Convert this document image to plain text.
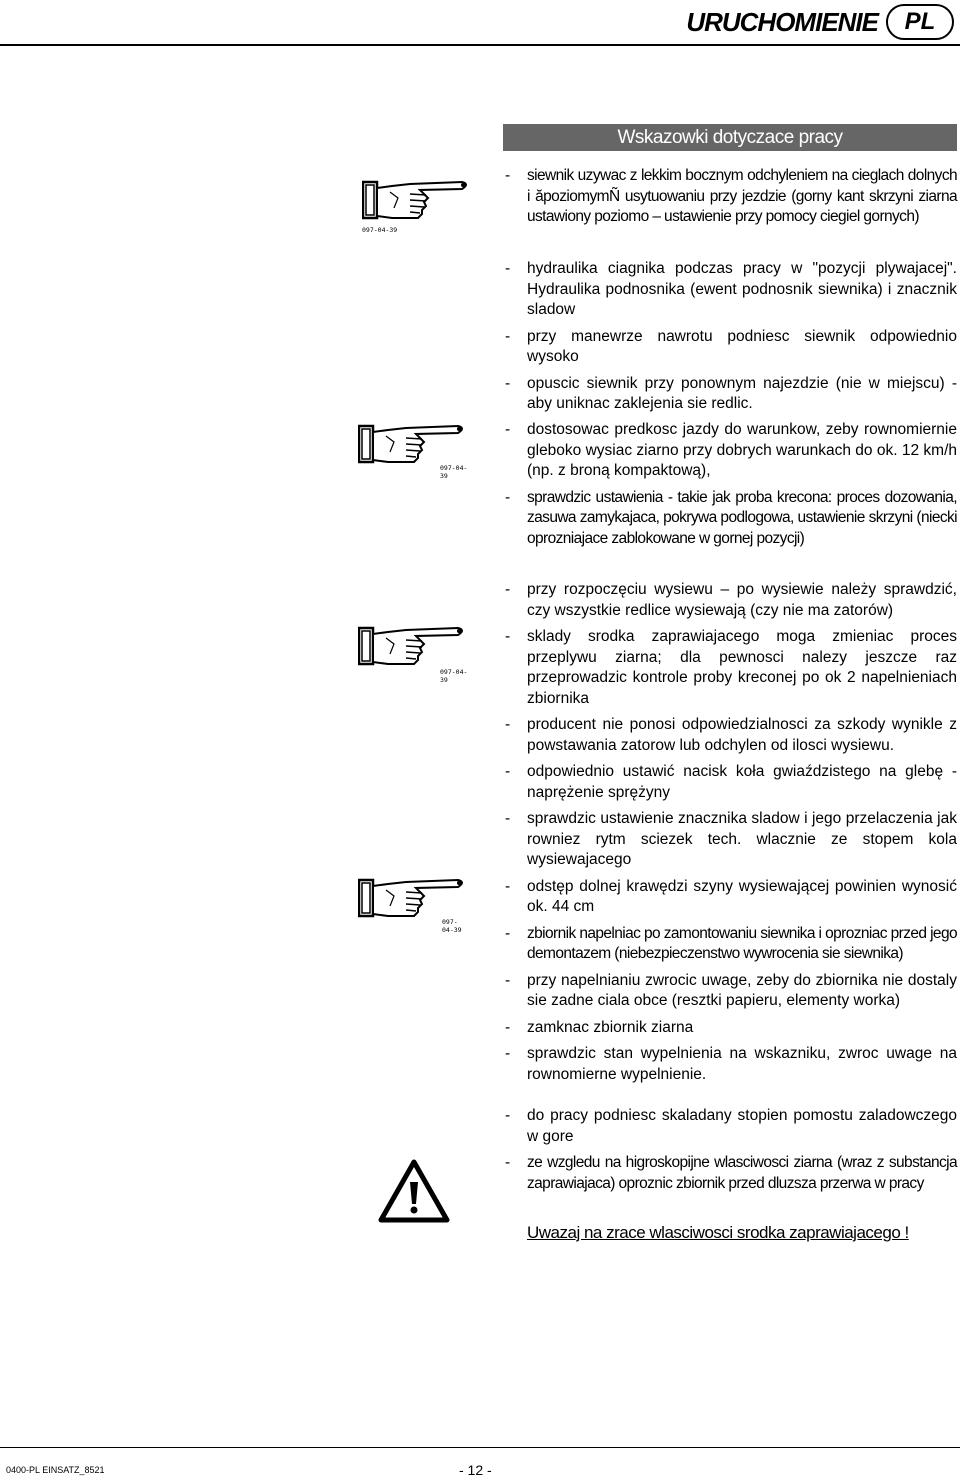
URUCHOMIENIE	PL
Wskazowki dotyczace pracy
097-04-39
097-04-39
097-04-39
097-04-39
- siewnik uzywac z lekkim bocznym odchyleniem na cieglach dolnych i ăpoziomymÑ usytuowaniu przy jezdzie (gorny kant skrzyni ziarna ustawiony poziomo – ustawienie przy pomocy ciegiel gornych)
- hydraulika ciagnika podczas pracy w "pozycji plywajacej". Hydraulika podnosnika (ewent podnosnik siewnika) i znacznik sladow
- przy manewrze nawrotu podniesc siewnik odpowiednio wysoko
- opuscic siewnik przy ponownym najezdzie (nie w miejscu) - aby uniknac zaklejenia sie redlic.
- dostosowac predkosc jazdy do warunkow, zeby rownomiernie gleboko wysiac ziarno przy dobrych warunkach do ok. 12 km/h (np. z broną kompaktową),
- sprawdzic ustawienia - takie jak proba krecona: proces dozowania, zasuwa zamykajaca, pokrywa podlogowa, ustawienie skrzyni (niecki oprozniajace zablokowane w gornej pozycji)
- przy rozpoczęciu wysiewu – po wysiewie należy sprawdzić, czy wszystkie redlice wysiewają (czy nie ma zatorów)
- sklady srodka zaprawiajacego moga zmieniac proces przeplywu ziarna; dla pewnosci nalezy jeszcze raz przeprowadzic kontrole proby kreconej po ok 2 napelnieniach zbiornika
- producent nie ponosi odpowiedzialnosci za szkody wynikle z powstawania zatorow lub odchylen od ilosci wysiewu.
- odpowiednio ustawić nacisk koła gwiaździstego na glebę - naprężenie sprężyny
- sprawdzic ustawienie znacznika sladow i jego przelaczenia jak rowniez rytm sciezek tech. wlacznie ze stopem kola wysiewajacego
- odstęp dolnej krawędzi szyny wysiewającej powinien wynosić ok. 44 cm
- zbiornik napelniac po zamontowaniu siewnika i oprozniac przed jego demontazem (niebezpieczenstwo wywrocenia sie siewnika)
- przy napelnianiu zwrocic uwage, zeby do zbiornika nie dostaly sie zadne ciala obce (resztki papieru, elementy worka)
- zamknac zbiornik ziarna
- sprawdzic stan wypelnienia na wskazniku, zwroc uwage na rownomierne wypelnienie.
- do pracy podniesc skaladany stopien pomostu zaladowczego w gore
- ze wzgledu na higroskopijne wlasciwosci ziarna (wraz z substancja zaprawiajaca) oproznic zbiornik przed dluzsza przerwa w pracy
Uwazaj na zrace wlasciwosci srodka zaprawiajacego !
0400-PL EINSATZ_8521	- 12 -
